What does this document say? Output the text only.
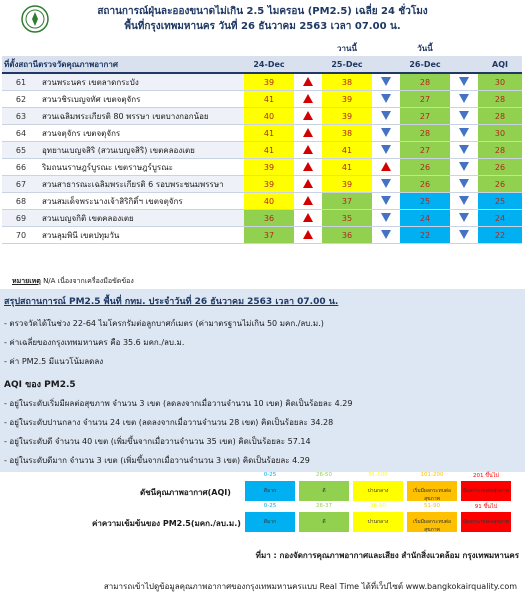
สถานการณ์ฝุ่นละอองขนาดไม่เกิน 2.5 ไมครอน (PM2.5) เฉลี่ย 24 ชั่วโมง
พื้นที่กรุงเทพมหานคร วันที่ 26 ธันวาคม 2563 เวลา 07.00 น.
				วานนี้		วันนี้		
ที่ตั้งสถานีตรวจวัดคุณภาพอากาศ		24-Dec		25-Dec		26-Dec		AQI
61	สวนพระนคร เขตลาดกระบัง	39		38		28		30
62	สวนวชิรเบญจทัศ เขตจตุจักร	41		39		27		28
63	สวนเฉลิมพระเกียรติ 80 พรรษา เขตบางกอกน้อย	40		39		27		28
64	สวนจตุจักร เขตจตุจักร	41		38		28		30
65	อุทยานเบญจสิริ (สวนเบญจสิริ) เขตคลองเตย	41		41		27		28
66	ริมถนนราษฎร์บูรณะ เขตราษฎร์บูรณะ	39		41		26		26
67	สวนสาธารณะเฉลิมพระเกียรติ 6 รอบพระชนมพรรษา	39		39		26		26
68	สวนสมเด็จพระนางเจ้าสิริกิติ์ฯ เขตจตุจักร	40		37		25		25
69	สวนเบญจกิติ เขตคลองเตย	36		35		24		24
70	สวนลุมพินี เขตปทุมวัน	37		36		22		22
หมายเหตุ N/A เนื่องจากเครื่องมือขัดข้อง
สรุปสถานการณ์ PM2.5 พื้นที่ กทม. ประจำวันที่ 26 ธันวาคม 2563 เวลา 07.00 น.
- ตรวจวัดได้ในช่วง 22-64 ไมโครกรัมต่อลูกบาศก์เมตร (ค่ามาตรฐานไม่เกิน 50 มคก./ลบ.ม.)
- ค่าเฉลี่ยของกรุงเทพมหานคร คือ 35.6 มคก./ลบ.ม.
- ค่า PM2.5 มีแนวโน้มลดลง
AQI ของ PM2.5
- อยู่ในระดับเริ่มมีผลต่อสุขภาพ จำนวน 3 เขต (ลดลงจากเมื่อวานจำนวน 10 เขต) คิดเป็นร้อยละ 4.29
- อยู่ในระดับปานกลาง จำนวน 24 เขต (ลดลงจากเมื่อวานจำนวน 28 เขต) คิดเป็นร้อยละ 34.28
- อยู่ในระดับดี จำนวน 40 เขต (เพิ่มขึ้นจากเมื่อวานจำนวน 35 เขต) คิดเป็นร้อยละ 57.14
- อยู่ในระดับดีมาก จำนวน 3 เขต (เพิ่มขึ้นจากเมื่อวานจำนวน 3 เขต) คิดเป็นร้อยละ 4.29
ดัชนีคุณภาพอากาศ(AQI)
0-25
ดีมาก
26-50
ดี
51-100
ปานกลาง
101-200
เริ่มมีผลกระทบต่อสุขภาพ
201 ขึ้นไป
มีผลกระทบต่อสุขภาพ
ค่าความเข้มข้นของ PM2.5(มคก./ลบ.ม.)
0-25
ดีมาก
26-37
ดี
38-50
ปานกลาง
51-90
เริ่มมีผลกระทบต่อสุขภาพ
91 ขึ้นไป
มีผลกระทบต่อสุขภาพ
ที่มา : กองจัดการคุณภาพอากาศและเสียง สำนักสิ่งแวดล้อม กรุงเทพมหานคร
สามารถเข้าไปดูข้อมูลคุณภาพอากาศของกรุงเทพมหานครแบบ Real Time ได้ที่เว็ปไซต์ www.bangkokairquality.com
